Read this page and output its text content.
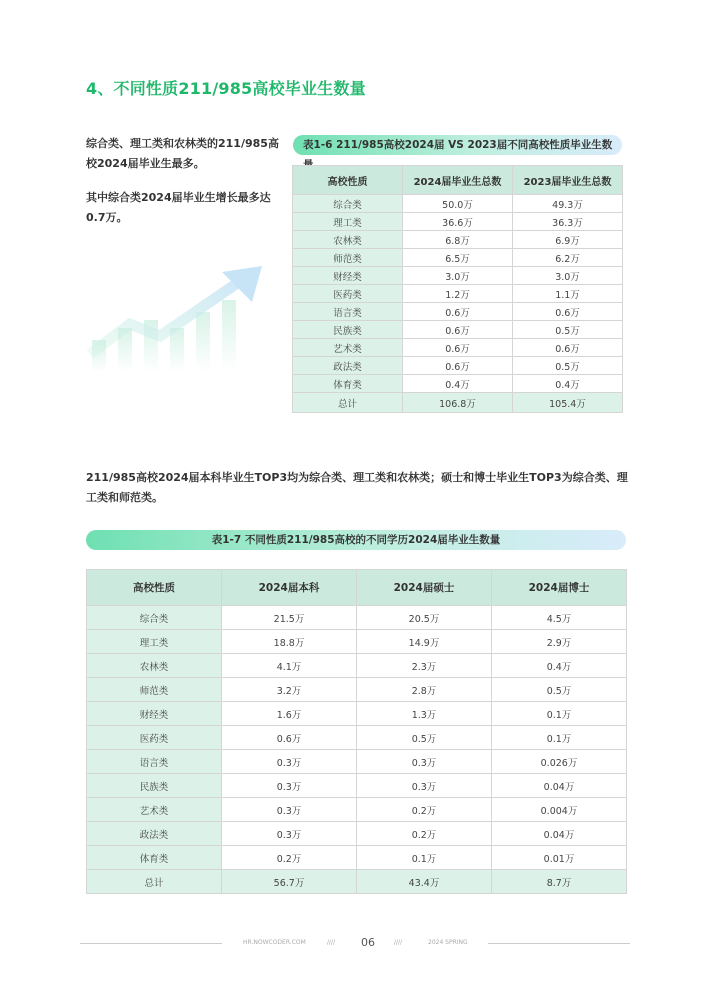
4、不同性质211/985高校毕业生数量

综合类、理工类和农林类的211/985高校2024届毕业生最多。

其中综合类2024届毕业生增长最多达0.7万。

表1-6 211/985高校2024届 VS 2023届不同高校性质毕业生数
高校性质	2024届毕业生总数	2023届毕业生总数
综合类	50.0万	49.3万
理工类	36.6万	36.3万
农林类	6.8万	6.9万
师范类	6.5万	6.2万
财经类	3.0万	3.0万
医药类	1.2万	1.1万
语言类	0.6万	0.6万
民族类	0.6万	0.5万
艺术类	0.6万	0.6万
政法类	0.6万	0.5万
体育类	0.4万	0.4万
总计	106.8万	105.4万
211/985高校2024届本科毕业生TOP3均为综合类、理工类和农林类；硕士和博士毕业生TOP3为综合类、理工类和师范类。
表1-7 不同性质211/985高校的不同学历2024届毕业生数量
高校性质	2024届本科	2024届硕士	2024届博士
综合类	21.5万	20.5万	4.5万
理工类	18.8万	14.9万	2.9万
农林类	4.1万	2.3万	0.4万
师范类	3.2万	2.8万	0.5万
财经类	1.6万	1.3万	0.1万
医药类	0.6万	0.5万	0.1万
语言类	0.3万	0.3万	0.026万
民族类	0.3万	0.3万	0.04万
艺术类	0.3万	0.2万	0.004万
政法类	0.3万	0.2万	0.04万
体育类	0.2万	0.1万	0.01万
总计	56.7万	43.4万	8.7万
HR.NOWCODER.COM	//// 06	////	2024 SPRING
